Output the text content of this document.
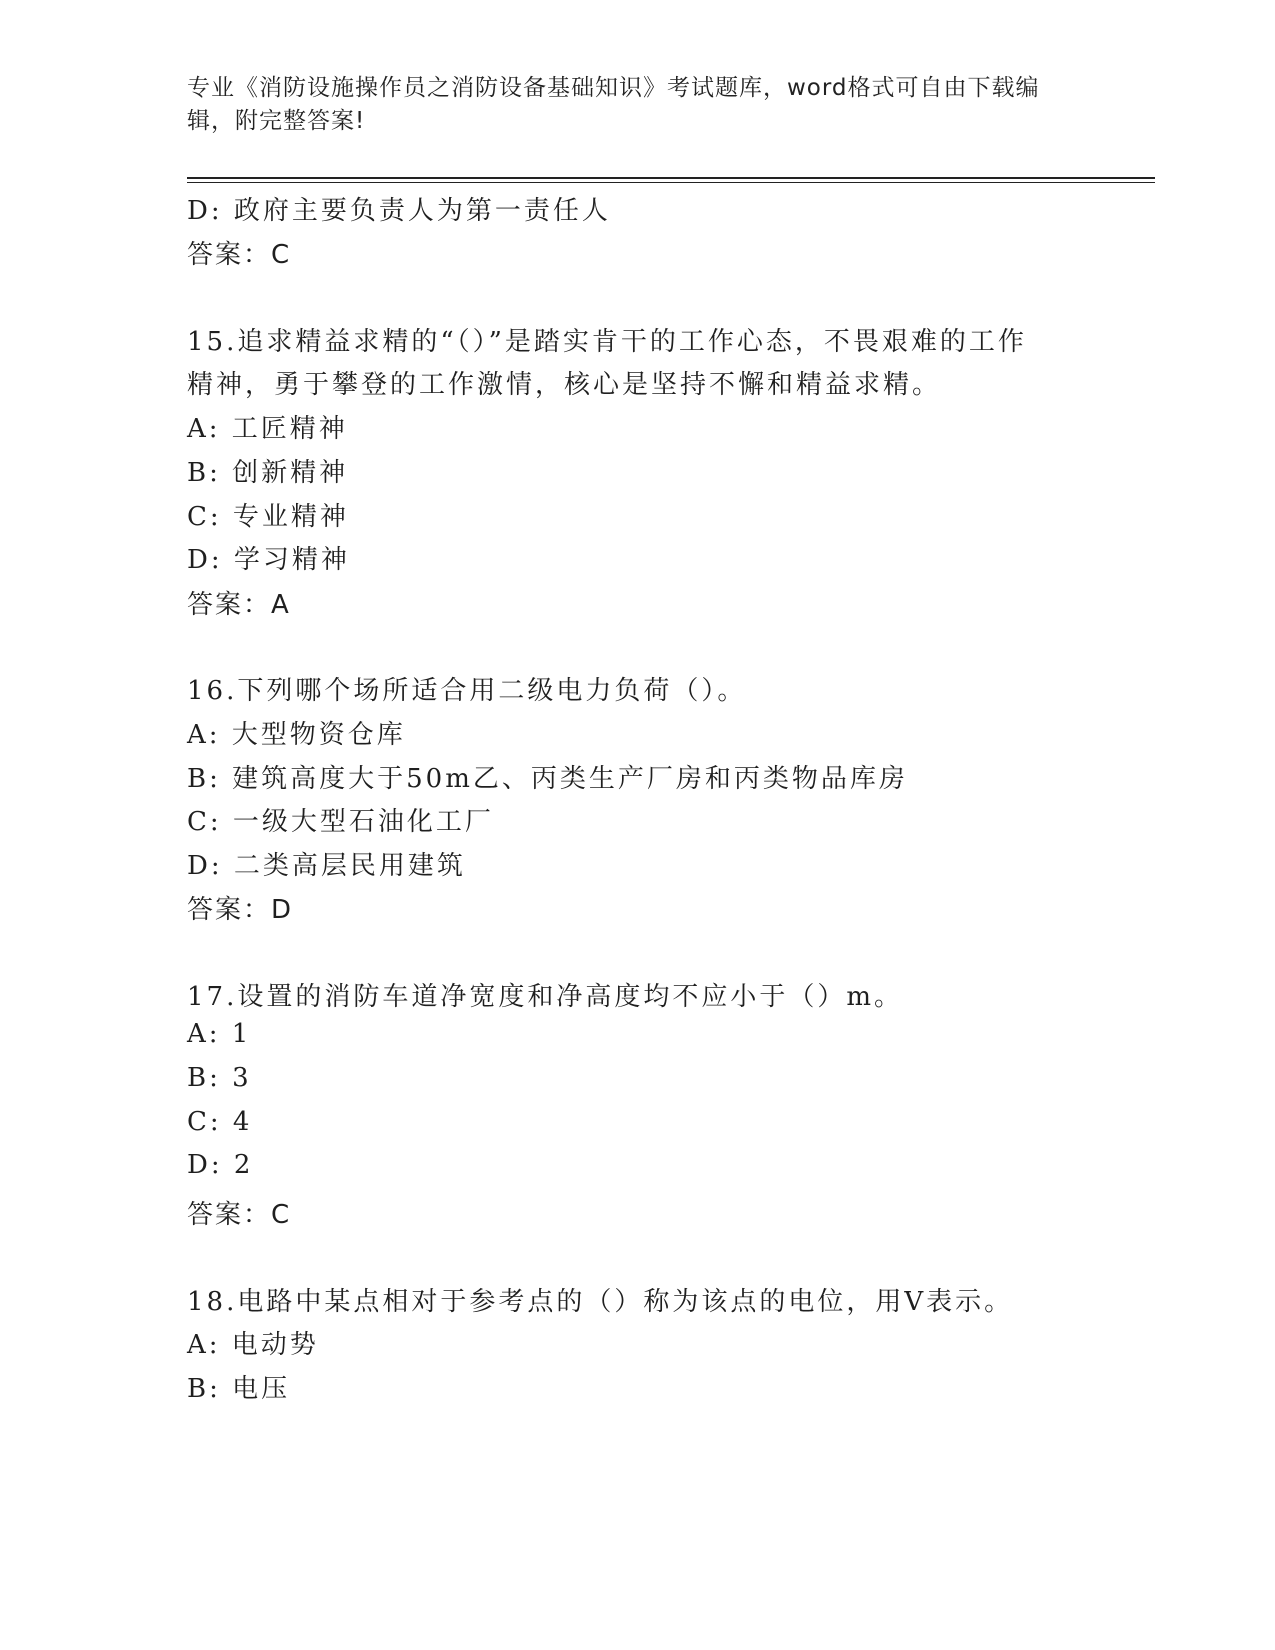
专业《消防设施操作员之消防设备基础知识》考试题库，word格式可自由下载编
辑，附完整答案!
D: 政府主要负责人为第一责任人
答案：C
15.追求精益求精的“（）”是踏实肯干的工作心态，不畏艰难的工作
精神，勇于攀登的工作激情，核心是坚持不懈和精益求精。
A: 工匠精神
B: 创新精神
C: 专业精神
D: 学习精神
答案：A
16.下列哪个场所适合用二级电力负荷（）。
A: 大型物资仓库
B: 建筑高度大于50m乙、丙类生产厂房和丙类物品库房
C: 一级大型石油化工厂
D: 二类高层民用建筑
答案：D
17.设置的消防车道净宽度和净高度均不应小于（）m。
A: 1
B: 3
C: 4
D: 2
答案：C
18.电路中某点相对于参考点的（）称为该点的电位，用V表示。
A: 电动势
B: 电压
